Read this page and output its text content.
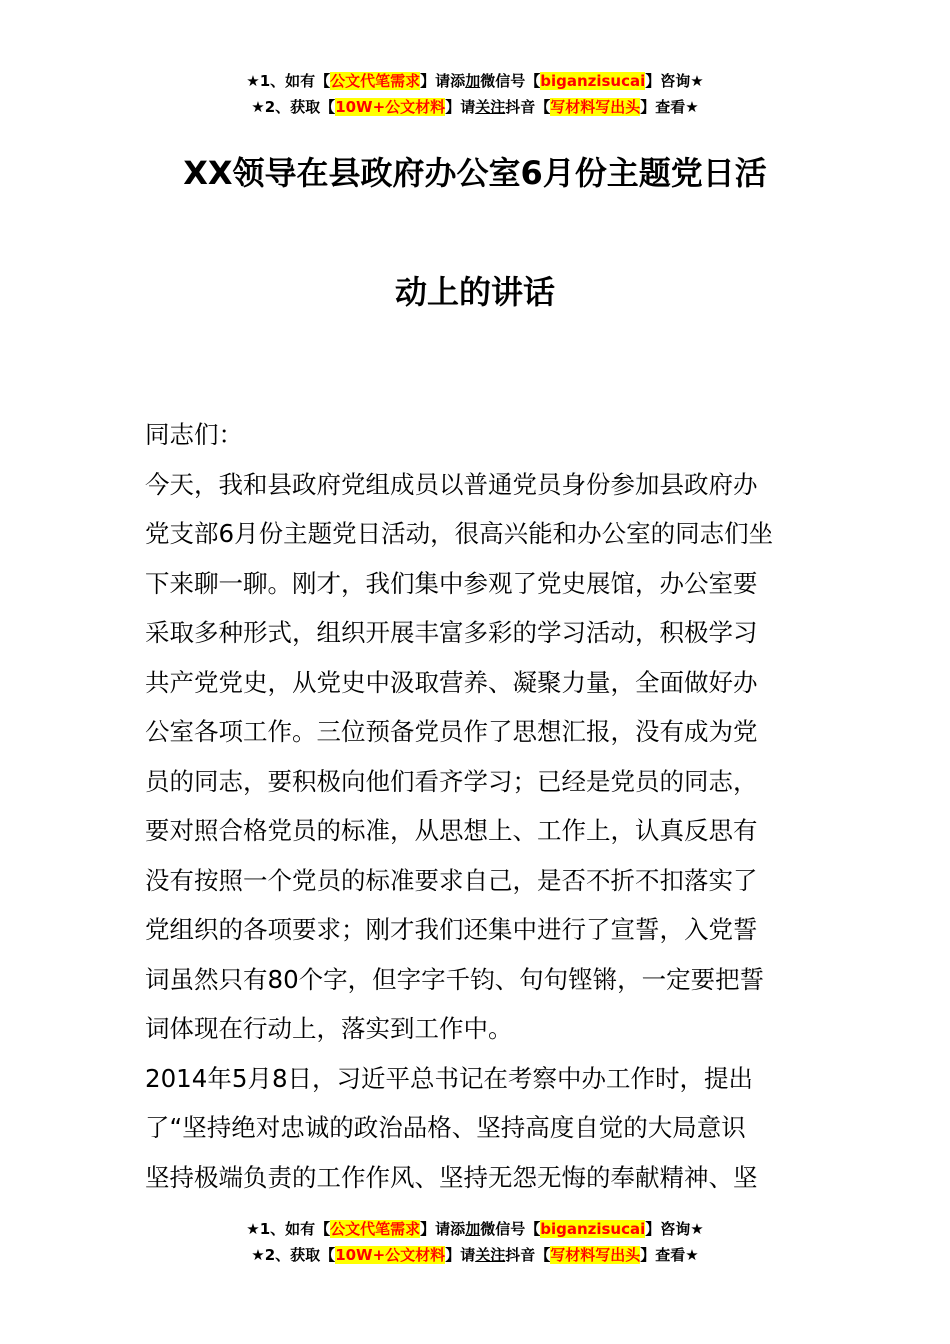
★1、如有【公文代笔需求】请添加微信号【biganzisucai】咨询★
★2、获取【10W+公文材料】请关注抖音【写材料写出头】查看★
XX领导在县政府办公室6月份主题党日活
动上的讲话

同志们：

今天，我和县政府党组成员以普通党员身份参加县政府办
党支部6月份主题党日活动，很高兴能和办公室的同志们坐
下来聊一聊。刚才，我们集中参观了党史展馆，办公室要
采取多种形式，组织开展丰富多彩的学习活动，积极学习
共产党党史，从党史中汲取营养、凝聚力量，全面做好办
公室各项工作。三位预备党员作了思想汇报，没有成为党
员的同志，要积极向他们看齐学习；已经是党员的同志，
要对照合格党员的标准，从思想上、工作上，认真反思有
没有按照一个党员的标准要求自己，是否不折不扣落实了
党组织的各项要求；刚才我们还集中进行了宣誓，入党誓
词虽然只有80个字，但字字千钧、句句铿锵，一定要把誓
词体现在行动上，落实到工作中。

2014年5月8日，习近平总书记在考察中办工作时，提出
了“坚持绝对忠诚的政治品格、坚持高度自觉的大局意识
坚持极端负责的工作作风、坚持无怨无悔的奉献精神、坚

★1、如有【公文代笔需求】请添加微信号【biganzisucai】咨询★
★2、获取【10W+公文材料】请关注抖音【写材料写出头】查看★
